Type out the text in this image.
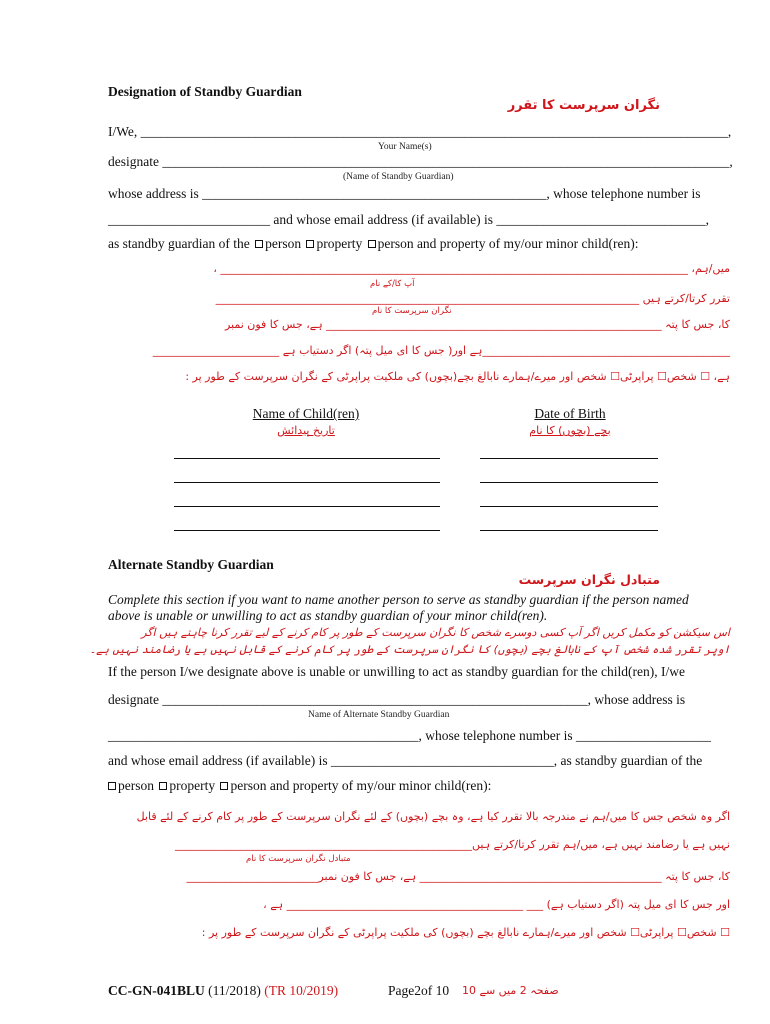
Designation of Standby Guardian
نگران سرپرست کا تقرر
I/We, _______________________________________________________________________________________,
Your Name(s)
designate ____________________________________________________________________________________,
(Name of Standby Guardian)
whose address is ___________________________________________________, whose telephone number is
________________________ and whose email address (if available) is _______________________________,
as standby guardian of the person property person and property of my/our minor child(ren):
میں/ہم، _____________________________________________________________________________________ ،
آپ کا/کے نام
تقرر کرتا/کرتے ہیں _____________________________________________________________________________
نگران سرپرست کا نام
کا، جس کا پتہ _____________________________________________________________ ہے، جس کا فون نمبر
_____________________________________________ہے اور( جس کا ای میل پتہ) اگر دستیاب ہے _______________________
ہے، ☐ شخص☐ پراپرٹی☐ شخص اور میرے/ہمارے نابالغ بچے(بچوں) کی ملکیت پراپرٹی کے نگران سرپرست کے طور پر :
Name of Child(ren)
تاریخ پیدائش
Date of Birth
بچے (بچوں) کا نام
Alternate Standby Guardian
متبادل نگران سرپرست
Complete this section if you want to name another person to serve as standby guardian if the person named
above is unable or unwilling to act as standby guardian of your minor child(ren).
اس سیکشن کو مکمل کریں اگر آپ کسی دوسرے شخص کا نگران سرپرست کے طور پر کام کرنے کے لیے تقرر کرنا چاہتے ہیں اگر
اوپر تقرر شدہ شخص آپ کے نابالغ بچے (بچوں) کا نگران سرپرست کے طور پر کام کرنے کے قابل نہیں ہے یا رضامند نہیں ہے۔
If the person I/we designate above is unable or unwilling to act as standby guardian for the child(ren), I/we
designate _______________________________________________________________, whose address is
Name of Alternate Standby Guardian
______________________________________________, whose telephone number is ____________________
and whose email address (if available) is _________________________________, as standby guardian of the
person property person and property of my/our minor child(ren):
اگر وہ شخص جس کا میں/ہم نے مندرجہ بالا تقرر کیا ہے، وہ بچے (بچوں) کے لئے نگران سرپرست کے طور پر کام کرنے کے لئے قابل
نہیں ہے یا رضامند نہیں ہے، میں/ہم تقرر کرتا/کرتے ہیں______________________________________________________
متبادل نگران سرپرست کا نام
کا، جس کا پتہ ____________________________________________ ہے، جس کا فون نمبر________________________
اور جس کا ای میل پتہ (اگر دستیاب ہے) ___ ___________________________________________ ہے ،
☐ شخص☐ پراپرٹی☐ شخص اور میرے/ہمارے نابالغ بچے (بچوں) کی ملکیت پراپرٹی کے نگران سرپرست کے طور پر :
CC-GN-041BLU (11/2018) (TR 10/2019)	Page2of 10 صفحہ 2 میں سے 10
